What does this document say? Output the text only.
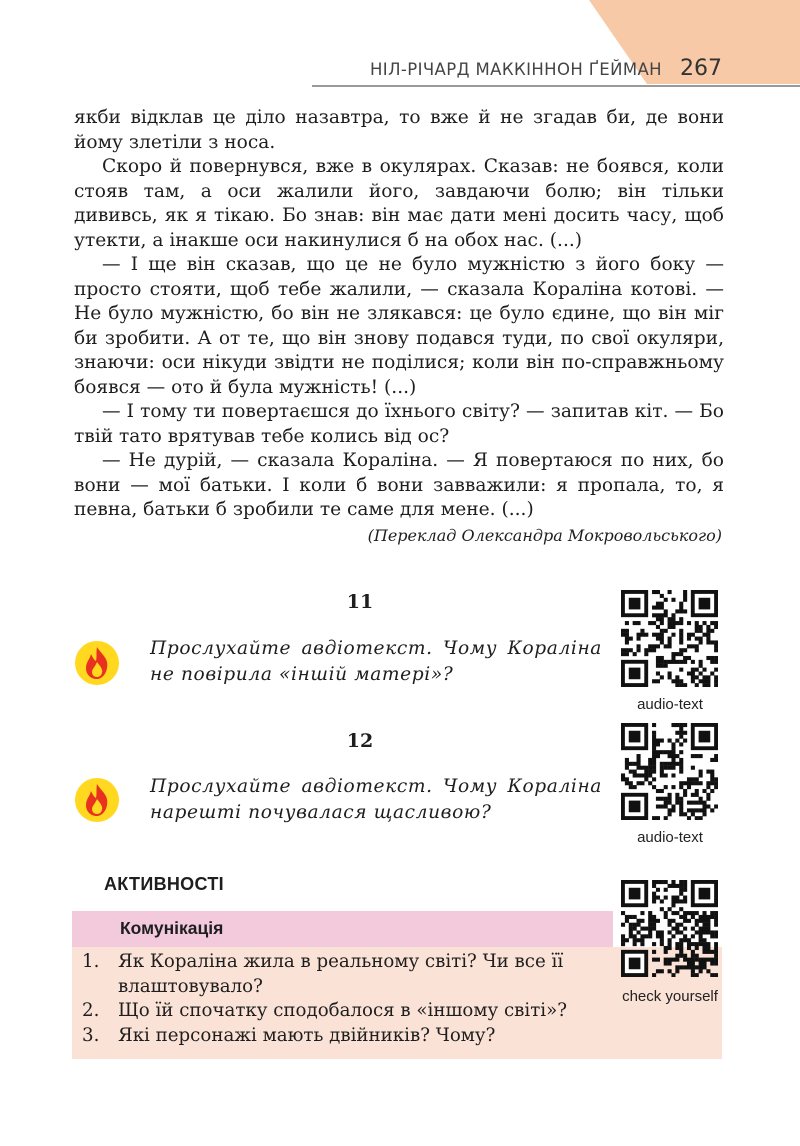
НІЛ-РІЧАРД МАККІННОН ҐЕЙМАН 267

якби відклав це діло назавтра, то вже й не згадав би, де вони йому злетіли з носа.

Скоро й повернувся, вже в окулярах. Сказав: не боявся, коли стояв там, а оси жалили його, завдаючи болю; він тільки дививсь, як я тікаю. Бо знав: він має дати мені досить часу, щоб утекти, а інакше оси накинулися б на обох нас. (...)

— І ще він сказав, що це не було мужністю з його боку — просто стояти, щоб тебе жалили, — сказала Кораліна котові. — Не було мужністю, бо він не злякався: це було єдине, що він міг би зробити. А от те, що він знову подався туди, по свої окуляри, знаючи: оси нікуди звідти не поділися; коли він по-справжньому боявся — ото й була мужність! (...)

— І тому ти повертаєшся до їхнього світу? — запитав кіт. — Бо твій тато врятував тебе колись від ос?

— Не дурій, — сказала Кораліна. — Я повертаюся по них, бо вони — мої батьки. І коли б вони завважили: я пропала, то, я певна, батьки б зробили те саме для мене. (...)

(Переклад Олександра Мокровольського)
11
Прослухайте авдіотекст. Чому Кораліна не повірила «іншій матері»?
audio-text
12
Прослухайте авдіотекст. Чому Кораліна нарешті почувалася щасливою?
audio-text
АКТИВНОСТІ
Комунікація
1. Як Кораліна жила в реальному світі? Чи все її влаштовувало?
2. Що їй спочатку сподобалося в «іншому світі»?
3. Які персонажі мають двійників? Чому?
check yourself
